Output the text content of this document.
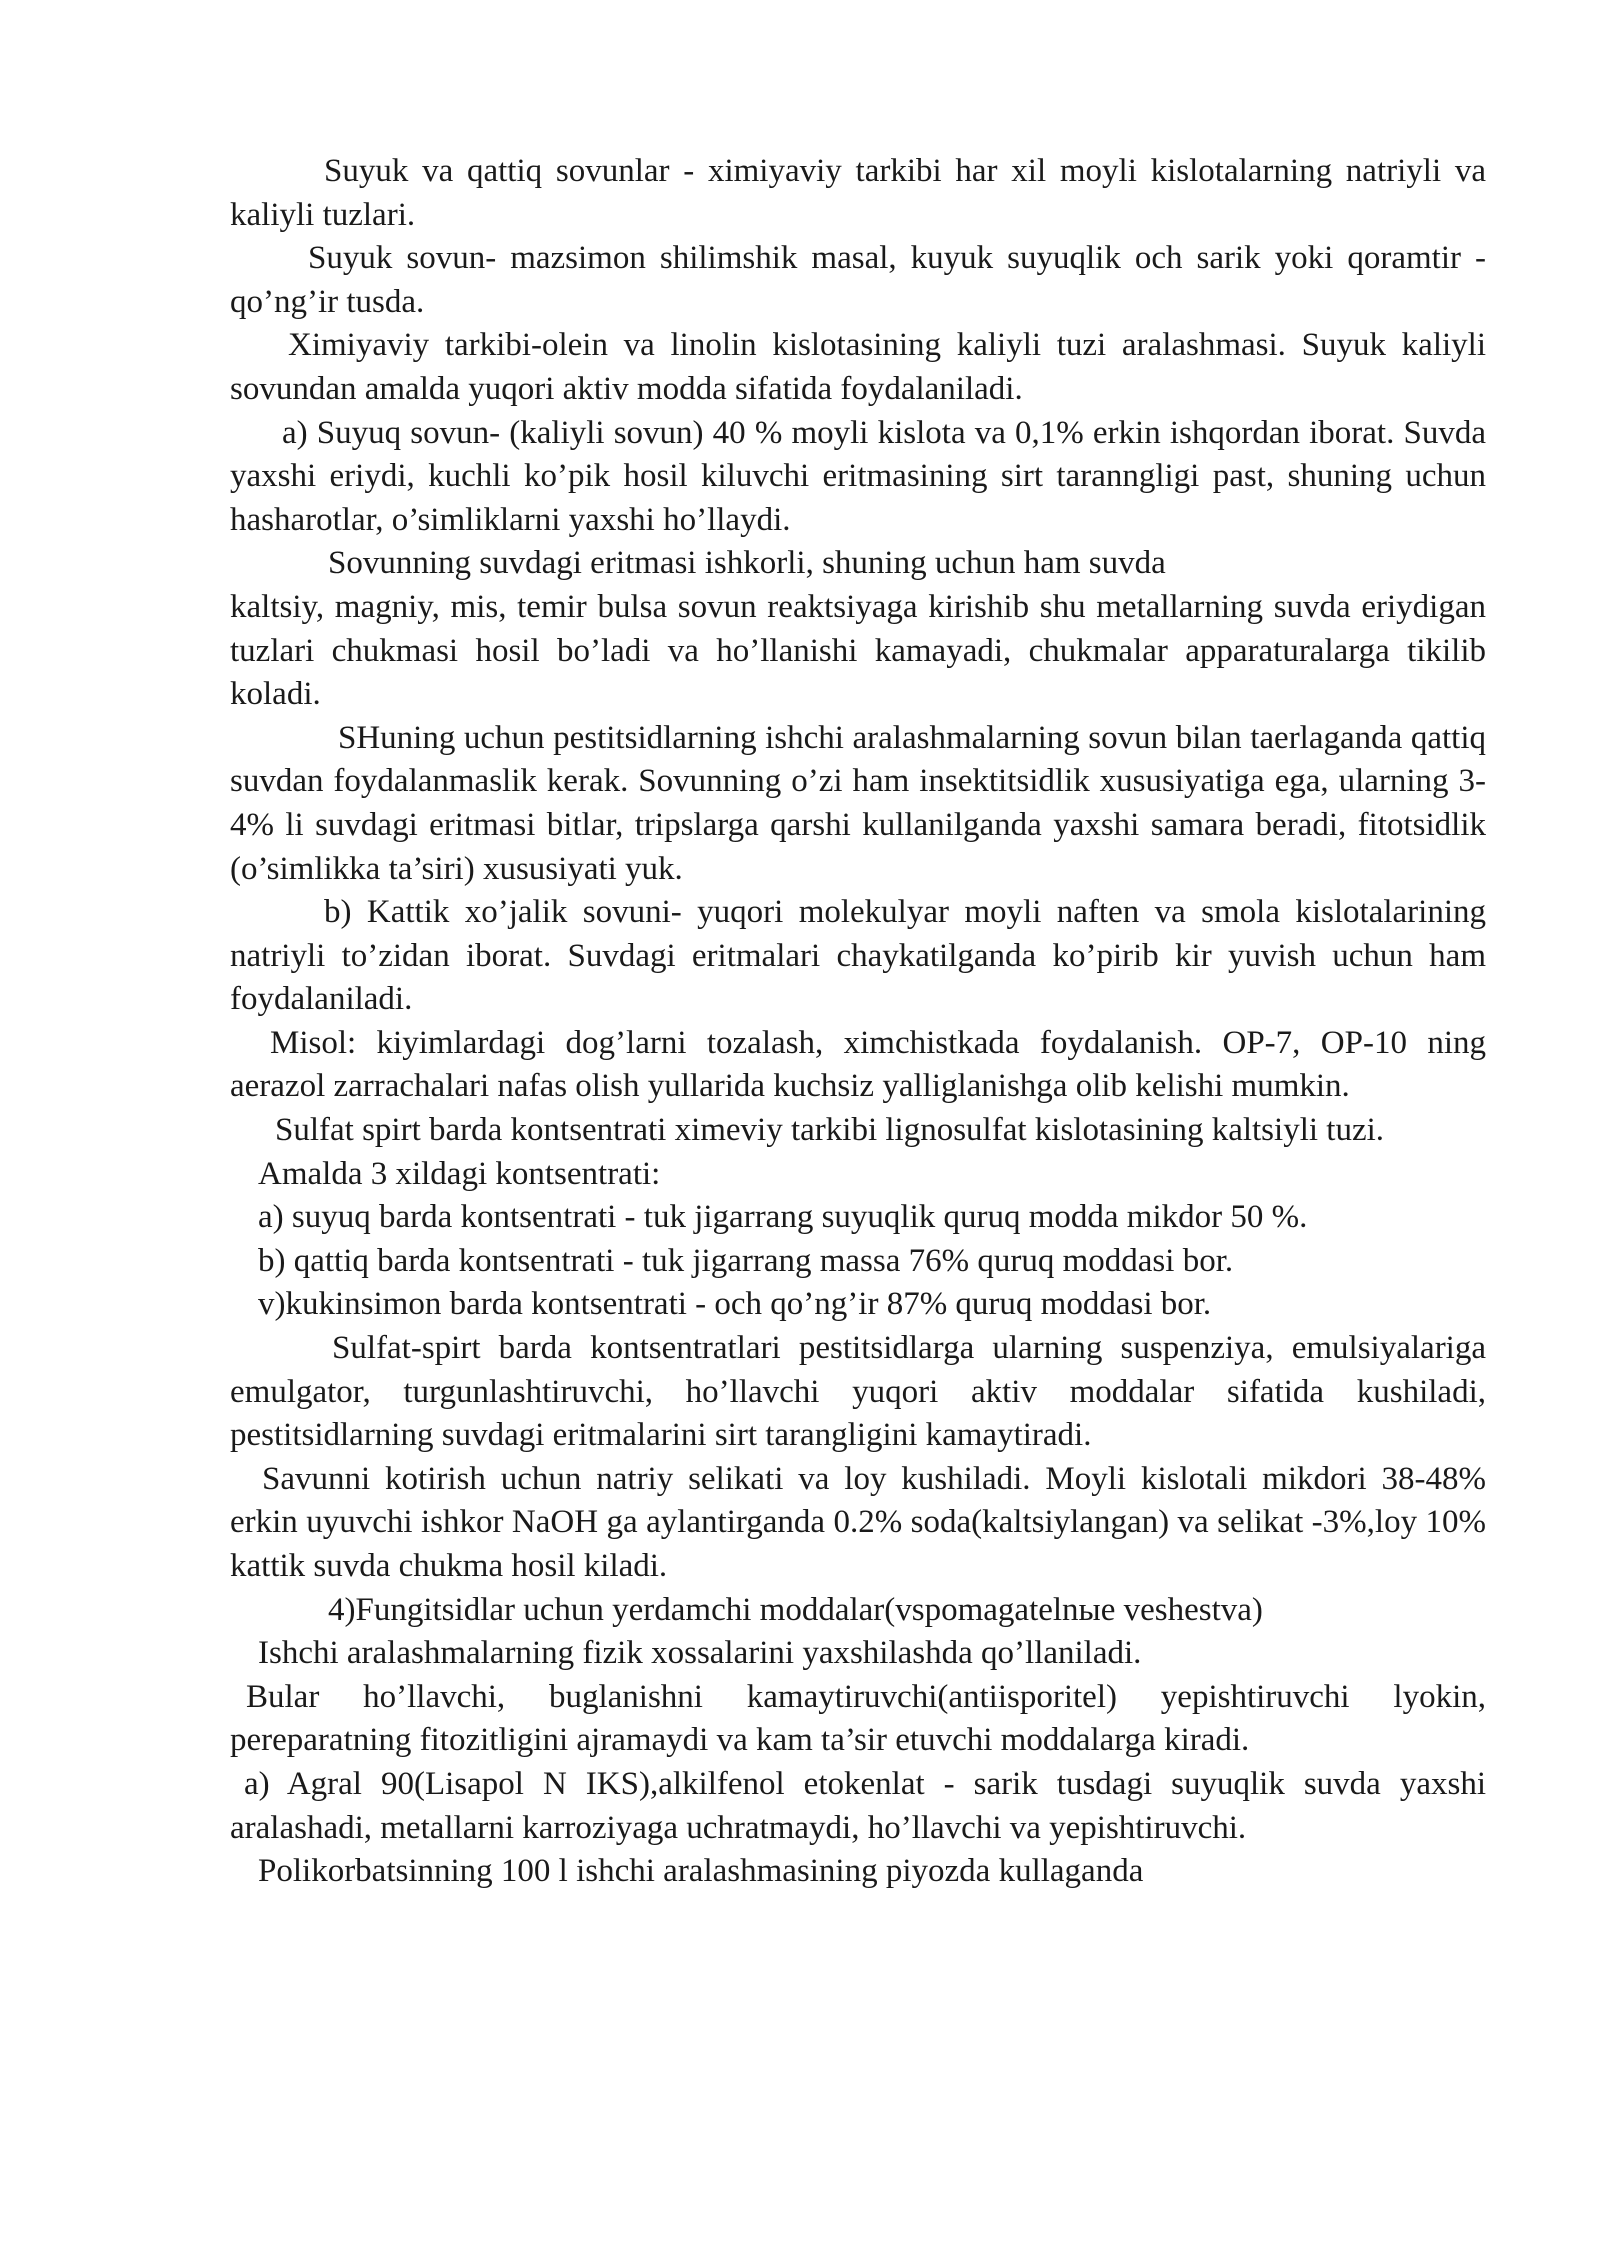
Suyuk va qattiq sovunlar - ximiyaviy tarkibi har xil moyli kislotalarning natriyli va kaliyli tuzlari.

Suyuk sovun- mazsimon shilimshik masal, kuyuk suyuqlik och sarik yoki qoramtir -qo’ng’ir tusda.

Ximiyaviy tarkibi-olein va linolin kislotasining kaliyli tuzi aralashmasi. Suyuk kaliyli sovundan amalda yuqori aktiv modda sifatida foydalaniladi.

a) Suyuq sovun- (kaliyli sovun) 40 % moyli kislota va 0,1% erkin ishqordan iborat. Suvda yaxshi eriydi, kuchli ko’pik hosil kiluvchi eritmasining sirt taranngligi past, shuning uchun hasharotlar, o’simliklarni yaxshi ho’llaydi.

Sovunning suvdagi eritmasi ishkorli, shuning uchun ham suvda

kaltsiy, magniy, mis, temir bulsa sovun reaktsiyaga kirishib shu metallarning suvda eriydigan tuzlari chukmasi hosil bo’ladi va ho’llanishi kamayadi, chukmalar apparaturalarga tikilib koladi.

SHuning uchun pestitsidlarning ishchi aralashmalarning sovun bilan taerlaganda qattiq suvdan foydalanmaslik kerak. Sovunning o’zi ham insektitsidlik xususiyatiga ega, ularning 3-4% li suvdagi eritmasi bitlar, tripslarga qarshi kullanilganda yaxshi samara beradi, fitotsidlik (o’simlikka ta’siri) xususiyati yuk.

b) Kattik xo’jalik sovuni- yuqori molekulyar moyli naften va smola kislotalarining natriyli to’zidan iborat. Suvdagi eritmalari chaykatilganda ko’pirib kir yuvish uchun ham foydalaniladi.

Misol: kiyimlardagi dog’larni tozalash, ximchistkada foydalanish. OP-7, OP-10 ning aerazol zarrachalari nafas olish yullarida kuchsiz yalliglanishga olib kelishi mumkin.

Sulfat spirt barda kontsentrati ximeviy tarkibi lignosulfat kislotasining kaltsiyli tuzi.

Amalda 3 xildagi kontsentrati:

a) suyuq barda kontsentrati - tuk jigarrang suyuqlik quruq modda mikdor 50 %.

b) qattiq barda kontsentrati - tuk jigarrang massa 76% quruq moddasi bor.

v)kukinsimon barda kontsentrati - och qo’ng’ir 87% quruq moddasi bor.

Sulfat-spirt barda kontsentratlari pestitsidlarga ularning suspenziya, emulsiyalariga emulgator, turgunlashtiruvchi, ho’llavchi yuqori aktiv moddalar sifatida kushiladi, pestitsidlarning suvdagi eritmalarini sirt tarangligini kamaytiradi.

Savunni kotirish uchun natriy selikati va loy kushiladi. Moyli kislotali mikdori 38-48% erkin uyuvchi ishkor NaOH ga aylantirganda 0.2% soda(kaltsiylangan) va selikat -3%,loy 10% kattik suvda chukma hosil kiladi.

4)Fungitsidlar uchun yerdamchi moddalar(vspomagatelnые veshestva)

Ishchi aralashmalarning fizik xossalarini yaxshilashda qo’llaniladi.

Bular ho’llavchi, buglanishni kamaytiruvchi(antiisporitel) yepishtiruvchi lyokin, pereparatning fitozitligini ajramaydi va kam ta’sir etuvchi moddalarga kiradi.

a) Agral 90(Lisapol N IKS),alkilfenol etokenlat - sarik tusdagi suyuqlik suvda yaxshi aralashadi, metallarni karroziyaga uchratmaydi, ho’llavchi va yepishtiruvchi.

Polikorbatsinning 100 l ishchi aralashmasining piyozda kullaganda
